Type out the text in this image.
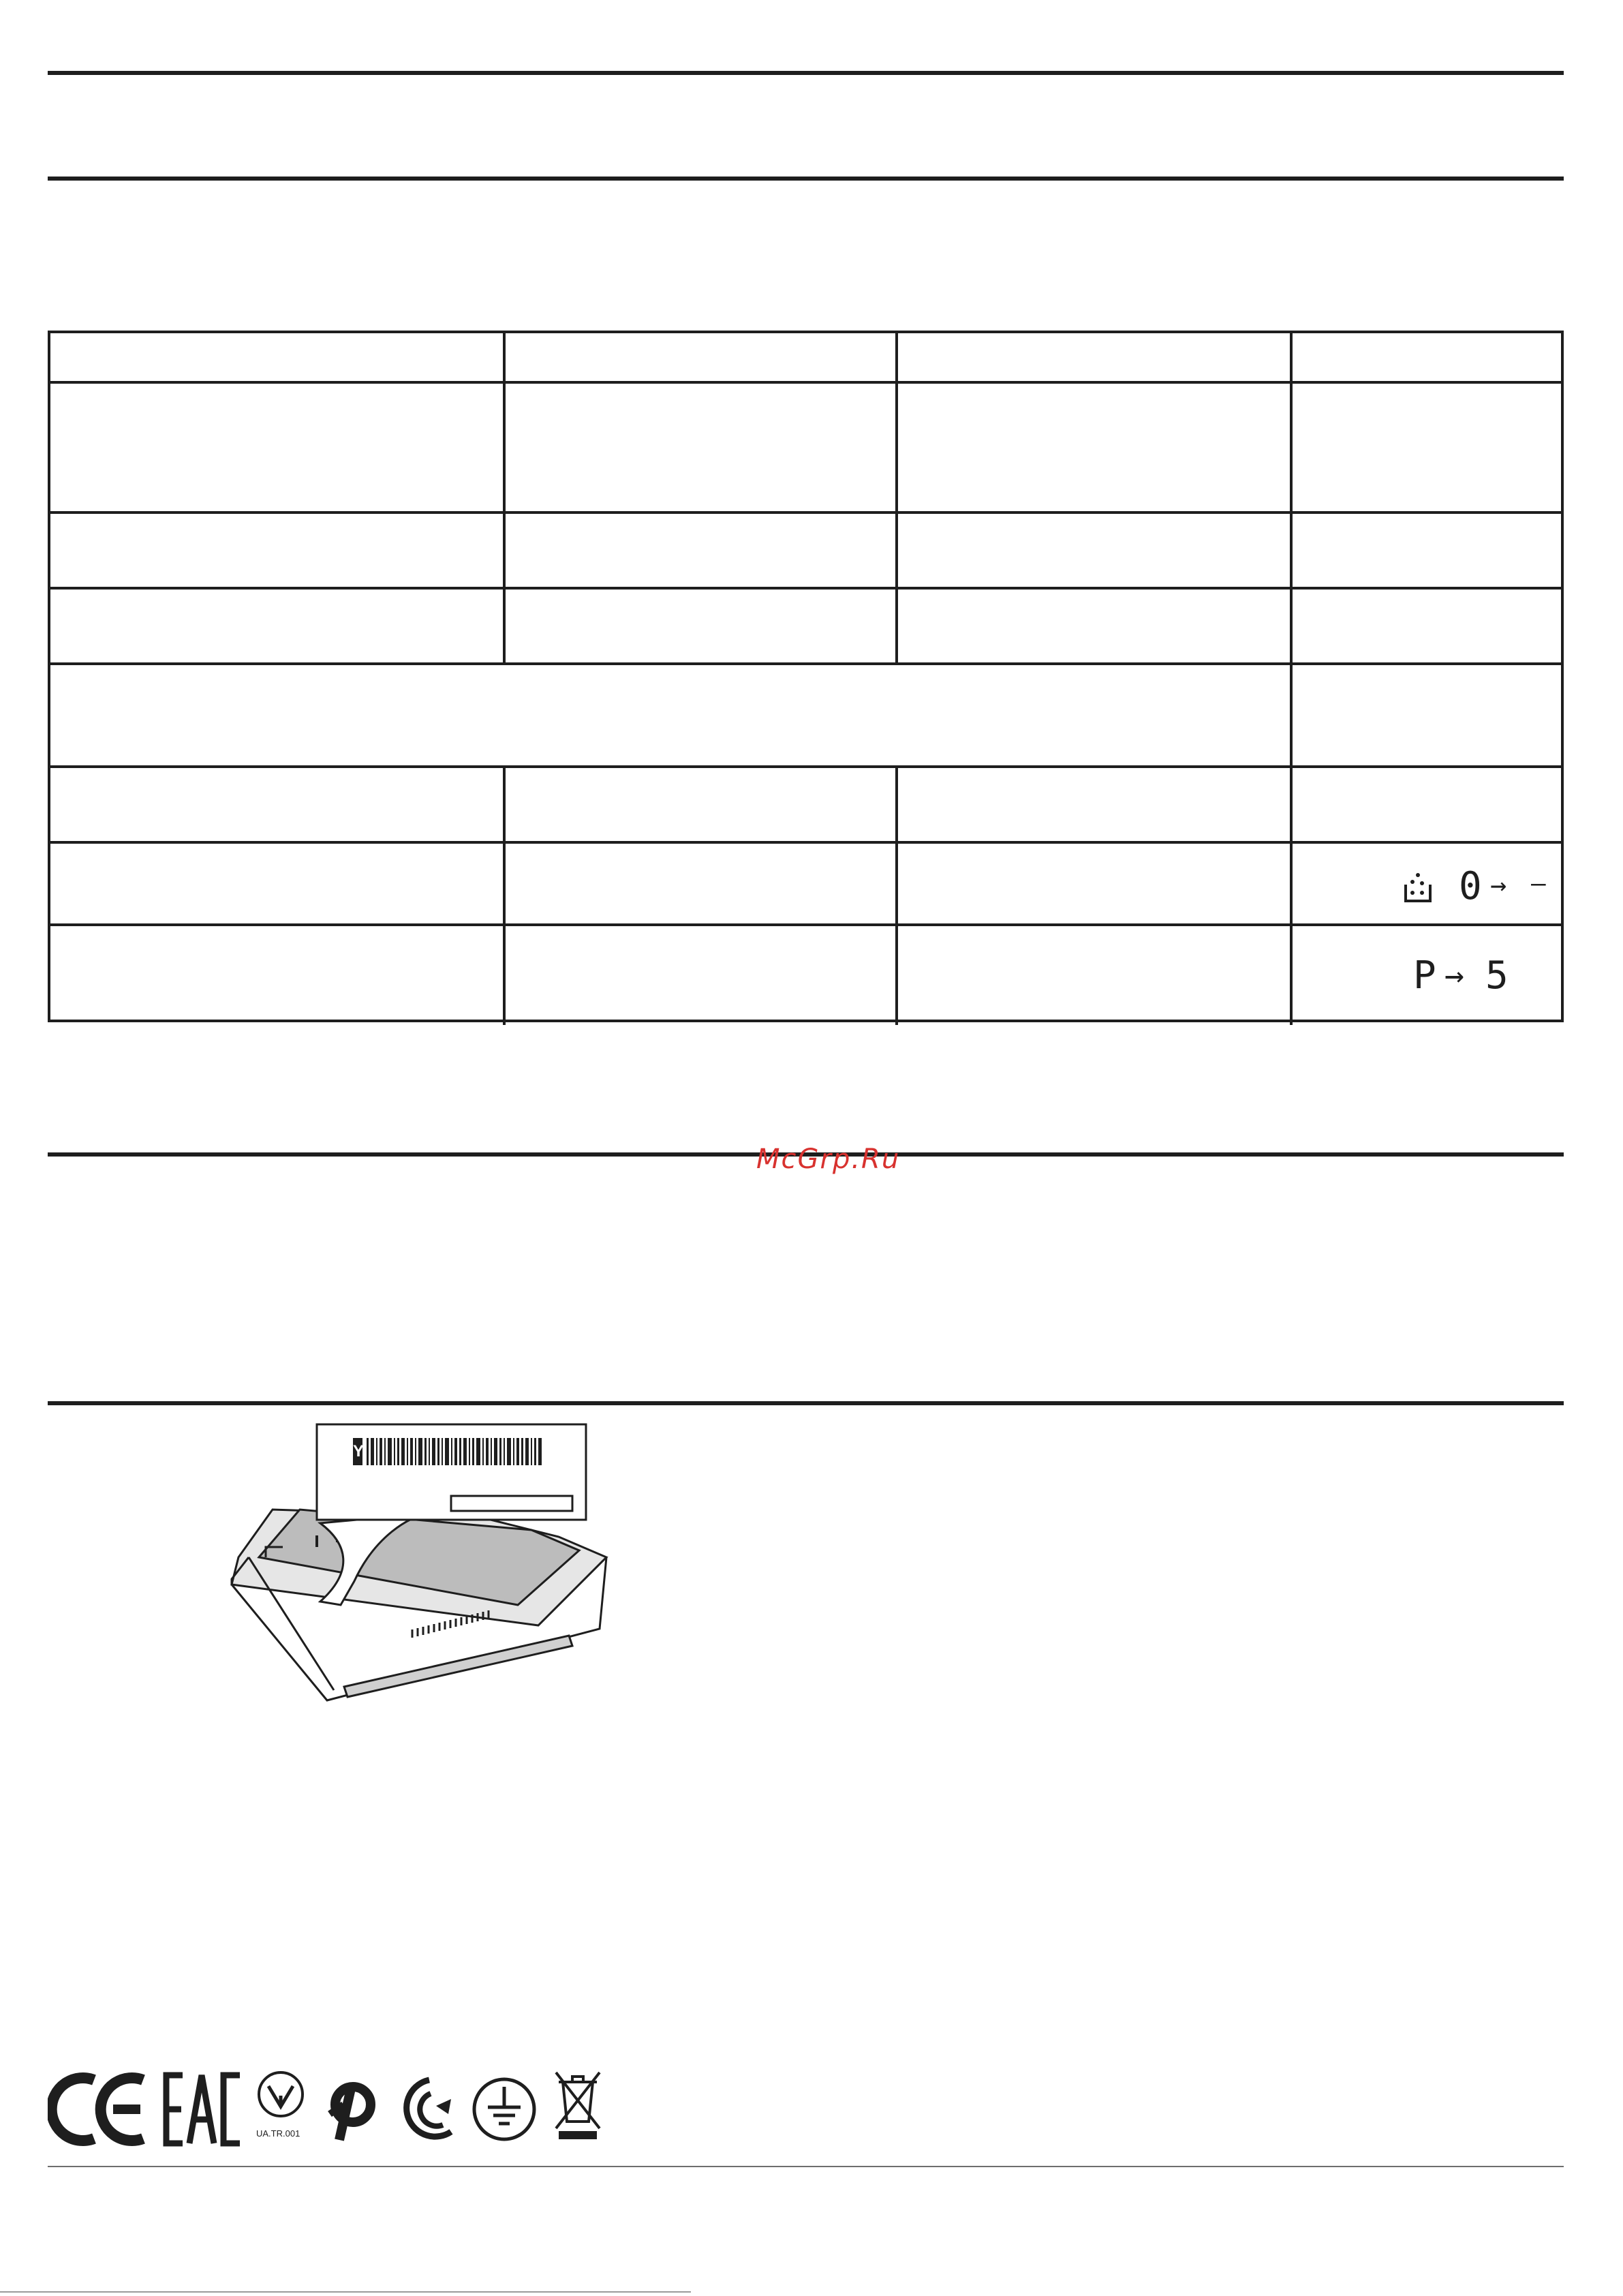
0 → –
P → 5
McGrp.Ru
Y
UA.TR.001
